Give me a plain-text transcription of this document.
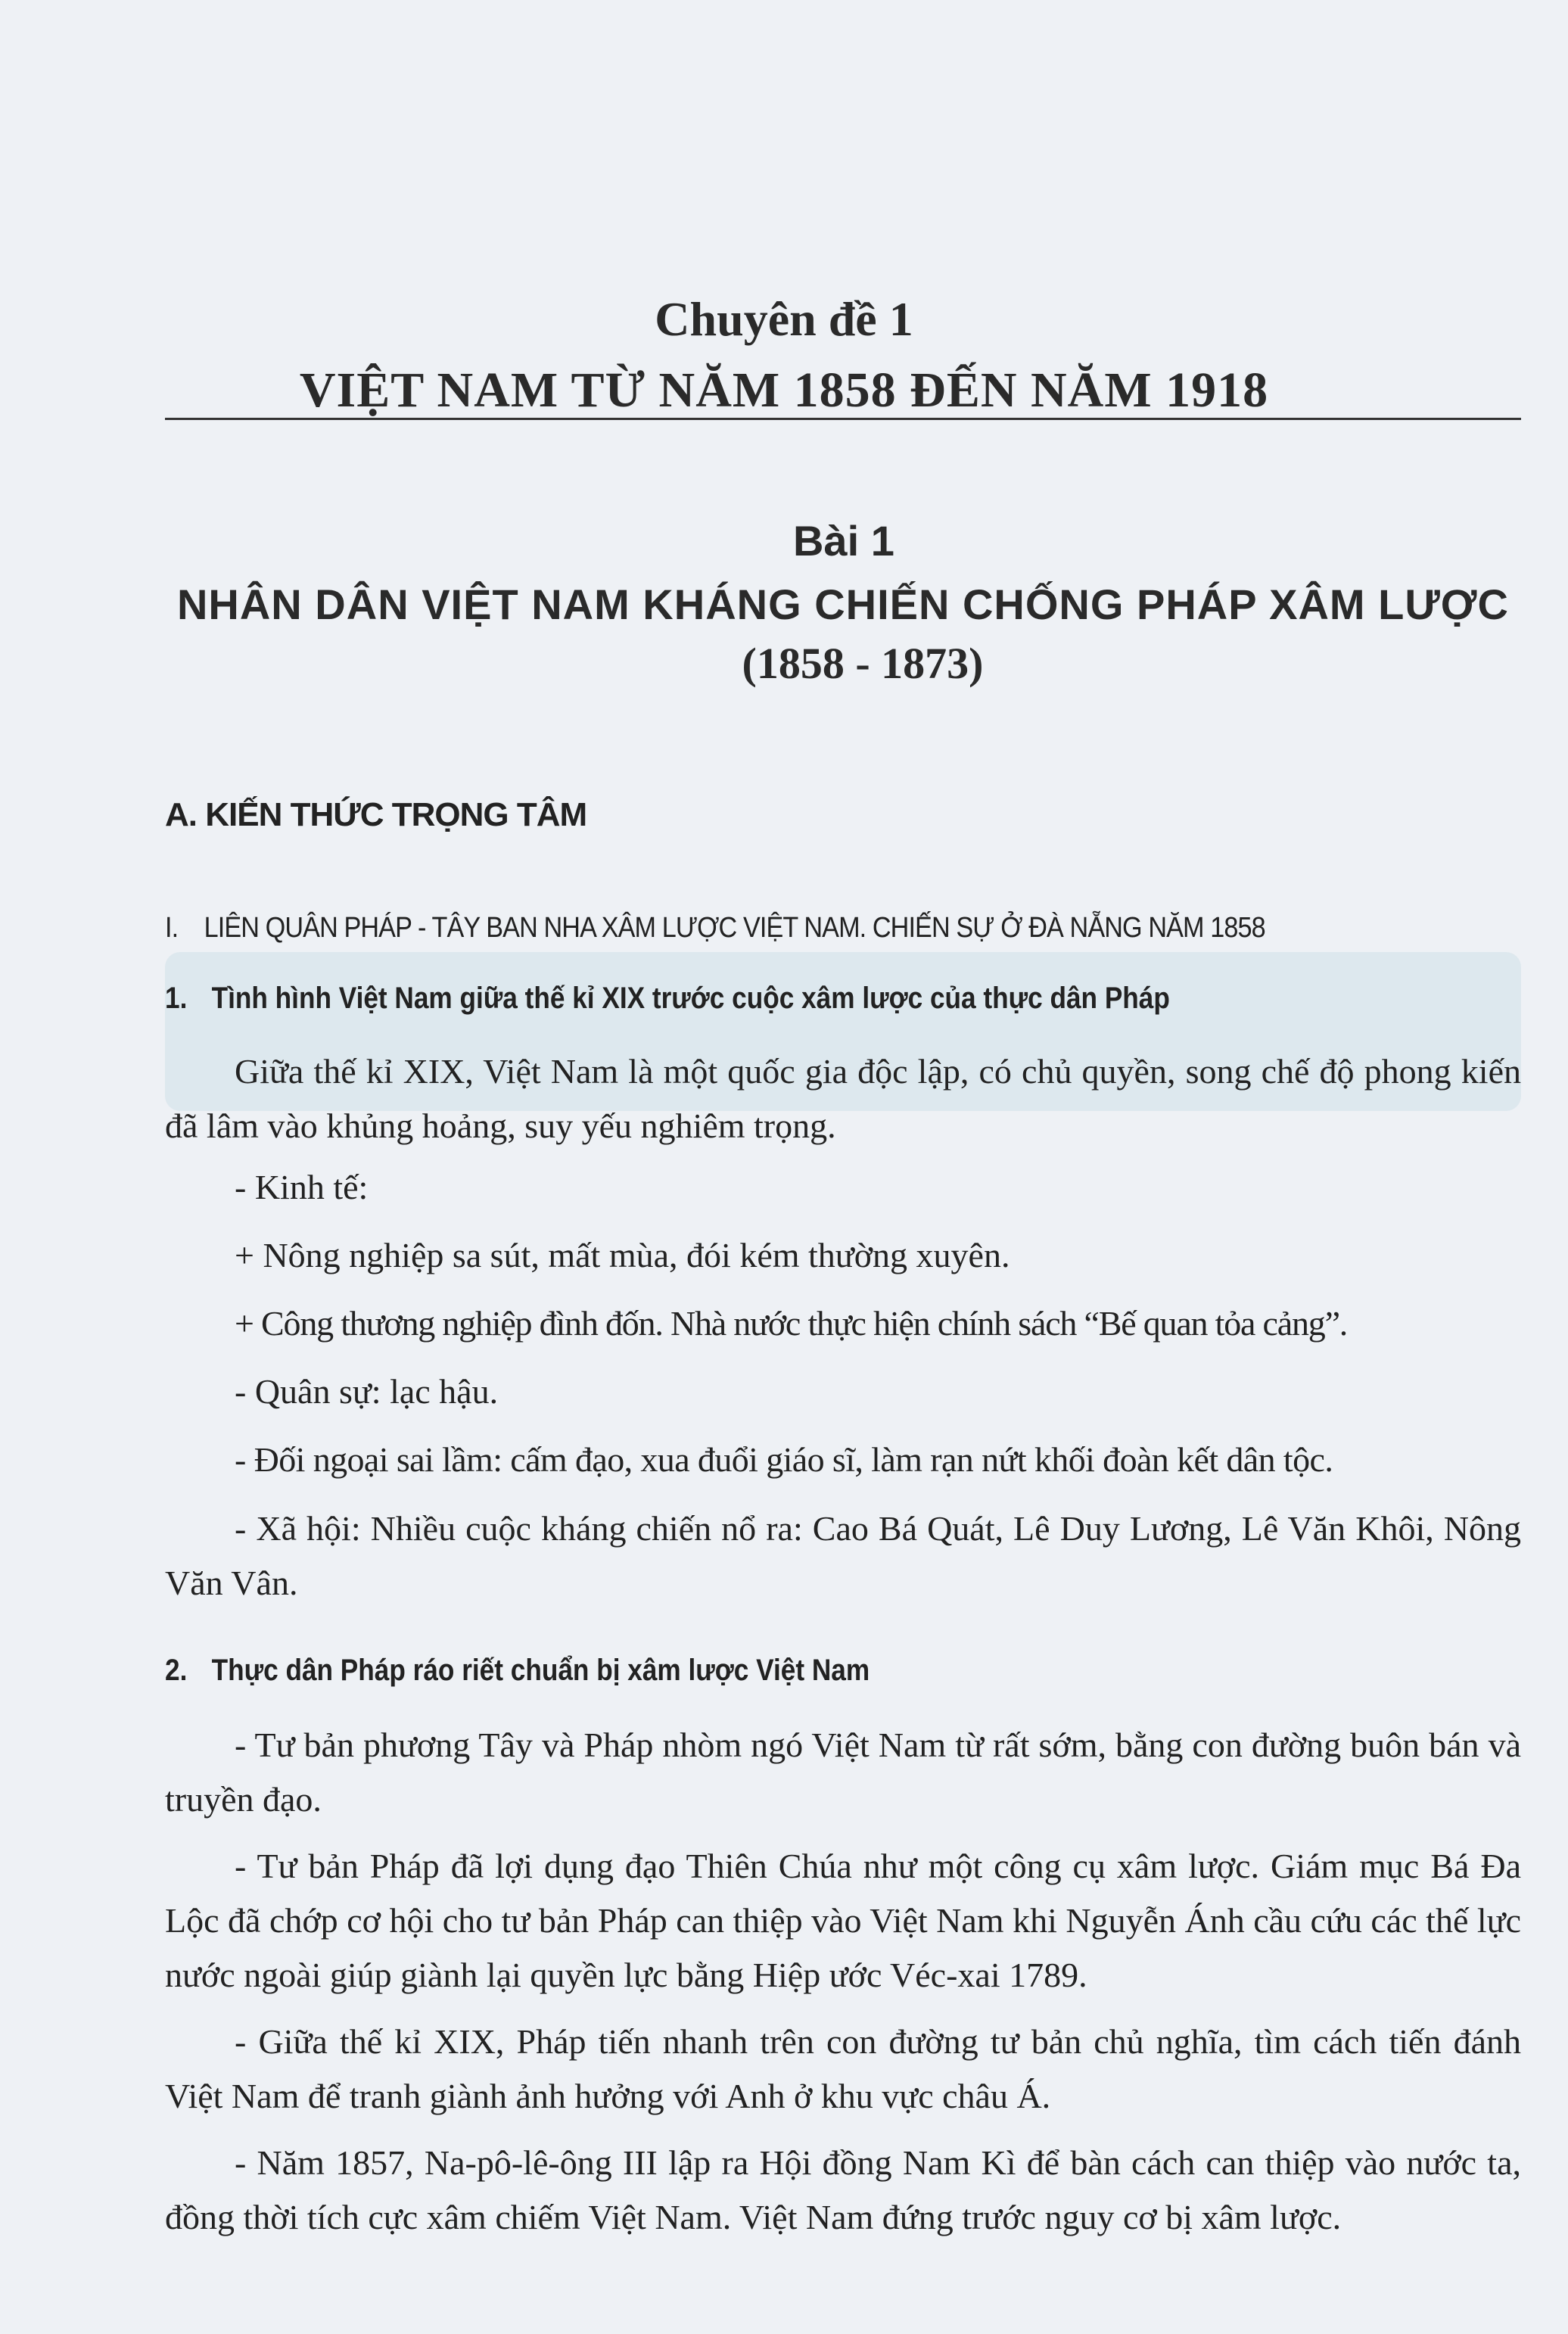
Chuyên đề 1
VIỆT NAM TỪ NĂM 1858 ĐẾN NĂM 1918
Bài 1
NHÂN DÂN VIỆT NAM KHÁNG CHIẾN CHỐNG PHÁP XÂM LƯỢC
(1858 - 1873)
A. KIẾN THỨC TRỌNG TÂM
I. LIÊN QUÂN PHÁP - TÂY BAN NHA XÂM LƯỢC VIỆT NAM. CHIẾN SỰ Ở ĐÀ NẴNG NĂM 1858
1. Tình hình Việt Nam giữa thế kỉ XIX trước cuộc xâm lược của thực dân Pháp
Giữa thế kỉ XIX, Việt Nam là một quốc gia độc lập, có chủ quyền, song chế độ phong kiến đã lâm vào khủng hoảng, suy yếu nghiêm trọng.
- Kinh tế:
+ Nông nghiệp sa sút, mất mùa, đói kém thường xuyên.
+ Công thương nghiệp đình đốn. Nhà nước thực hiện chính sách “Bế quan tỏa cảng”.
- Quân sự: lạc hậu.
- Đối ngoại sai lầm: cấm đạo, xua đuổi giáo sĩ, làm rạn nứt khối đoàn kết dân tộc.
- Xã hội: Nhiều cuộc kháng chiến nổ ra: Cao Bá Quát, Lê Duy Lương, Lê Văn Khôi, Nông Văn Vân.
2. Thực dân Pháp ráo riết chuẩn bị xâm lược Việt Nam
- Tư bản phương Tây và Pháp nhòm ngó Việt Nam từ rất sớm, bằng con đường buôn bán và truyền đạo.
- Tư bản Pháp đã lợi dụng đạo Thiên Chúa như một công cụ xâm lược. Giám mục Bá Đa Lộc đã chớp cơ hội cho tư bản Pháp can thiệp vào Việt Nam khi Nguyễn Ánh cầu cứu các thế lực nước ngoài giúp giành lại quyền lực bằng Hiệp ước Véc-xai 1789.
- Giữa thế kỉ XIX, Pháp tiến nhanh trên con đường tư bản chủ nghĩa, tìm cách tiến đánh Việt Nam để tranh giành ảnh hưởng với Anh ở khu vực châu Á.
- Năm 1857, Na-pô-lê-ông III lập ra Hội đồng Nam Kì để bàn cách can thiệp vào nước ta, đồng thời tích cực xâm chiếm Việt Nam. Việt Nam đứng trước nguy cơ bị xâm lược.
